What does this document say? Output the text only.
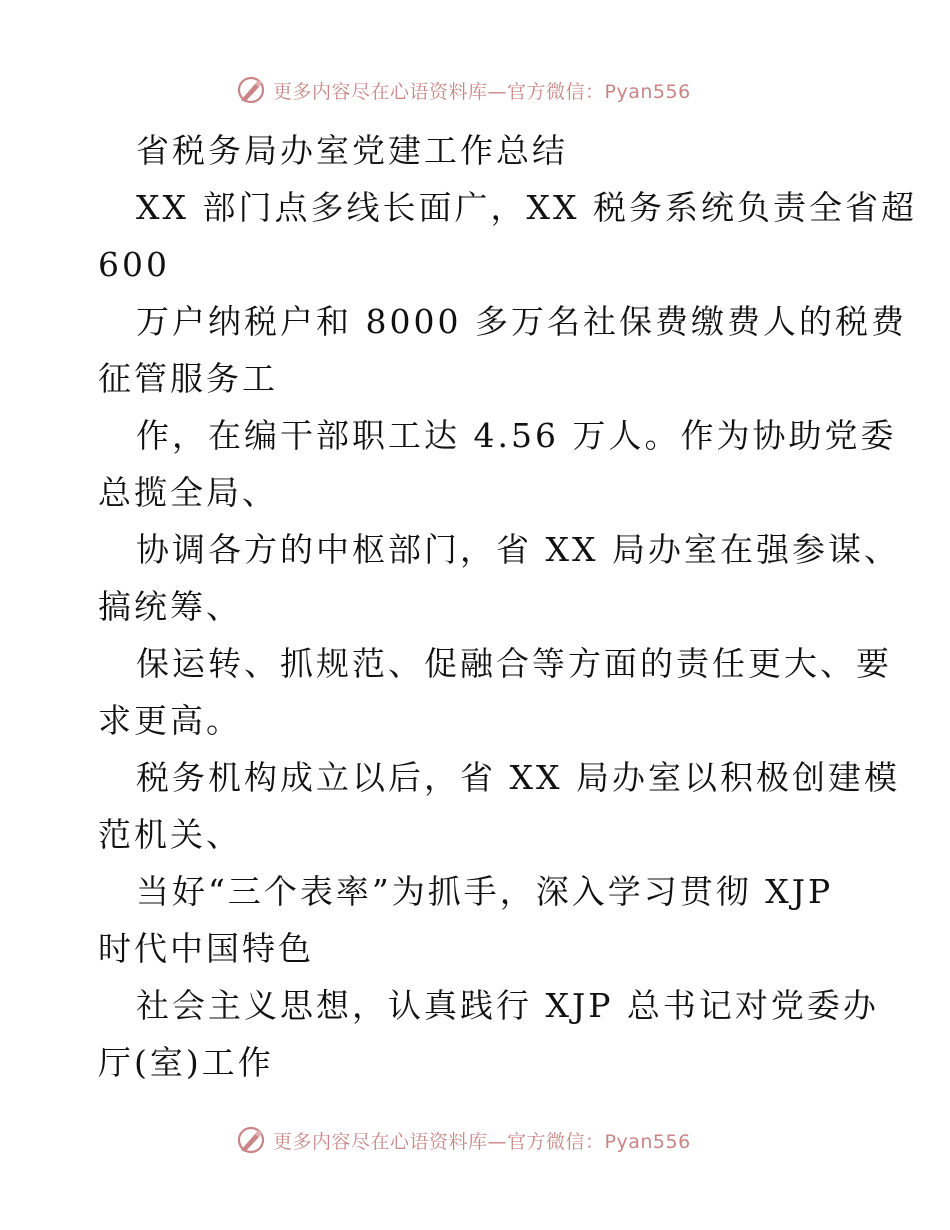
更多内容尽在心语资料库—官方微信：Pyan556
省税务局办室党建工作总结
XX 部门点多线长面广，XX 税务系统负责全省超
600
万户纳税户和 8000 多万名社保费缴费人的税费
征管服务工
作，在编干部职工达 4.56 万人。作为协助党委
总揽全局、
协调各方的中枢部门，省 XX 局办室在强参谋、
搞统筹、
保运转、抓规范、促融合等方面的责任更大、要
求更高。
税务机构成立以后，省 XX 局办室以积极创建模
范机关、
当好“三个表率”为抓手，深入学习贯彻 XJP
时代中国特色
社会主义思想，认真践行 XJP 总书记对党委办
厅(室)工作
更多内容尽在心语资料库—官方微信：Pyan556
